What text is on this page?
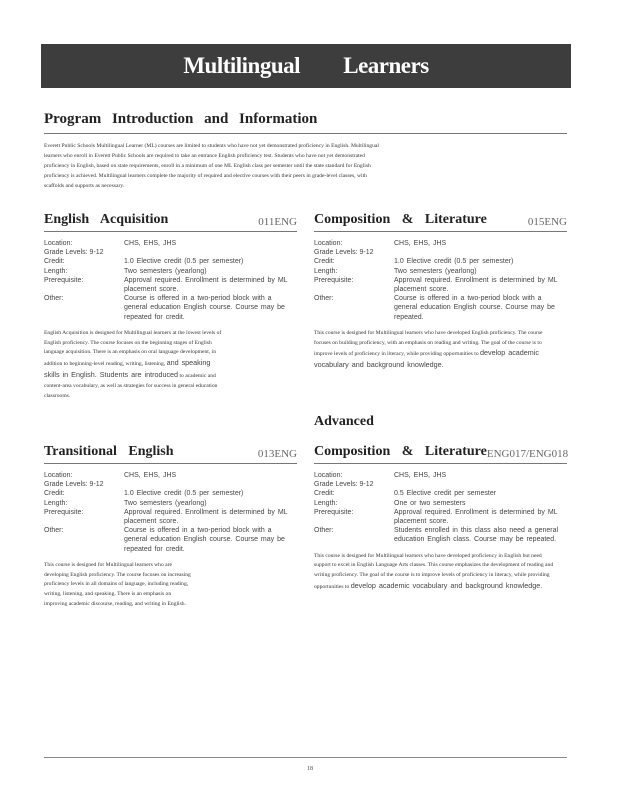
Multilingual Learners
Program Introduction and Information
Everett Public Schools Multilingual Learner (ML) courses are limited to students who have not yet demonstrated proficiency in English. Multilingual learners who enroll in Everett Public Schools are required to take an entrance English proficiency test. Students who have not yet demonstrated proficiency in English, based on state requirements, enroll in a minimum of one ML English class per semester until the state standard for English proficiency is achieved. Multilingual learners complete the majority of required and elective courses with their peers in grade-level classes, with scaffolds and supports as necessary.
English Acquisition	011ENG
Location:	CHS, EHS, JHS
Grade Levels: 9-12
Credit:	1.0 Elective credit (0.5 per semester)
Length:	Two semesters (yearlong)
Prerequisite:	Approval required. Enrollment is determined by ML placement score.
Other:	Course is offered in a two-period block with a general education English course. Course may be repeated for credit.
English Acquisition is designed for Multilingual learners at the lowest levels of English proficiency. The course focuses on the beginning stages of English language acquisition. There is an emphasis on oral language development, in addition to beginning-level reading, writing, listening, and speaking skills in English. Students are introduced to academic and content-area vocabulary, as well as strategies for success in general education classrooms.
Composition & Literature	015ENG
Location:	CHS, EHS, JHS
Grade Levels: 9-12
Credit:	1.0 Elective credit (0.5 per semester)
Length:	Two semesters (yearlong)
Prerequisite:	Approval required. Enrollment is determined by ML placement score.
Other:	Course is offered in a two-period block with a general education English course. Course may be repeated.
This course is designed for Multilingual learners who have developed English proficiency. The course focuses on building proficiency, with an emphasis on reading and writing. The goal of the course is to improve levels of proficiency in literacy, while providing opportunities to develop academic vocabulary and background knowledge.
Transitional English	013ENG
Location:	CHS, EHS, JHS
Grade Levels: 9-12
Credit:	1.0 Elective credit (0.5 per semester)
Length:	Two semesters (yearlong)
Prerequisite:	Approval required. Enrollment is determined by ML placement score.
Other:	Course is offered in a two-period block with a general education English course. Course may be repeated for credit.
This course is designed for Multilingual learners who are developing English proficiency. The course focuses on increasing proficiency levels in all domains of language, including reading, writing, listening, and speaking. There is an emphasis on improving academic discourse, reading, and writing in English.
Advanced
Composition & Literature ENG017/ENG018
Location:	CHS, EHS, JHS
Grade Levels: 9-12
Credit:	0.5 Elective credit per semester
Length:	One or two semesters
Prerequisite:	Approval required. Enrollment is determined by ML placement score.
Other:	Students enrolled in this class also need a general education English class. Course may be repeated.
This course is designed for Multilingual learners who have developed proficiency in English but need support to excel in English Language Arts classes. This course emphasizes the development of reading and writing proficiency. The goal of the course is to improve levels of proficiency in literacy, while providing opportunities to develop academic vocabulary and background knowledge.
18
